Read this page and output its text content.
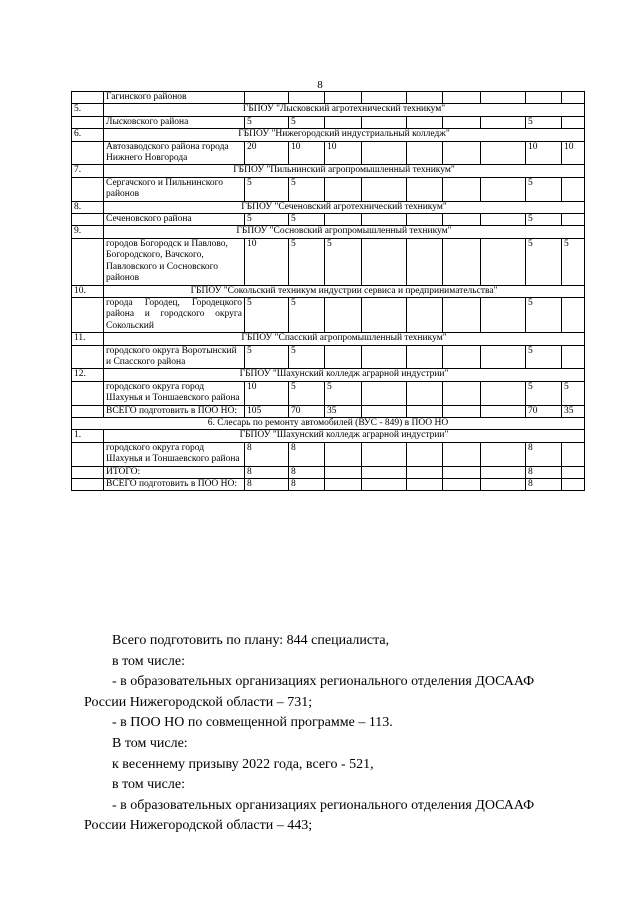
8
	Гагинского районов									
5.	ГБПОУ "Лысковский агротехнический техникум"									
	Лысковского района	5	5						5	
6.	ГБПОУ "Нижегородский индустриальный колледж"									
	Автозаводского района города Нижнего Новгорода	20	10	10					10	10
7.	ГБПОУ "Пильнинский агропромышленный техникум"									
	Сергачского и Пильнинского районов	5	5						5	
8.	ГБПОУ "Сеченовский агротехнический техникум"									
	Сеченовского района	5	5						5	
9.	ГБПОУ "Сосновский агропромышленный техникум"									
	городов Богородск и Павлово, Богородского, Вачского, Павловского и Сосновского районов	10	5	5					5	5
10.	ГБПОУ "Сокольский техникум индустрии сервиса и предпринимательства"									
	города Городец, Городецкого района и городского округа Сокольский	5	5						5	
11.	ГБПОУ "Спасский агропромышленный техникум"									
	городского округа Воротынский и Спасского района	5	5						5	
12.	ГБПОУ "Шахунский колледж аграрной индустрии"									
	городского округа город Шахунья и Тоншаевского района	10	5	5					5	5
	ВСЕГО подготовить в ПОО НО:	105	70	35					70	35
6. Слесарь по ремонту автомобилей (ВУС - 849) в ПОО НО										
1.	ГБПОУ "Шахунский колледж аграрной индустрии"									
	городского округа город Шахунья и Тоншаевского района	8	8						8	
	ИТОГО:	8	8						8	
	ВСЕГО подготовить в ПОО НО:	8	8						8	

Всего подготовить по плану: 844 специалиста,

в том числе:

- в образовательных организациях регионального отделения ДОСААФ

России Нижегородской области – 731;

- в ПОО НО по совмещенной программе – 113.

В том числе:

к весеннему призыву 2022 года, всего - 521,

в том числе:

- в образовательных организациях регионального отделения ДОСААФ

России Нижегородской области – 443;
